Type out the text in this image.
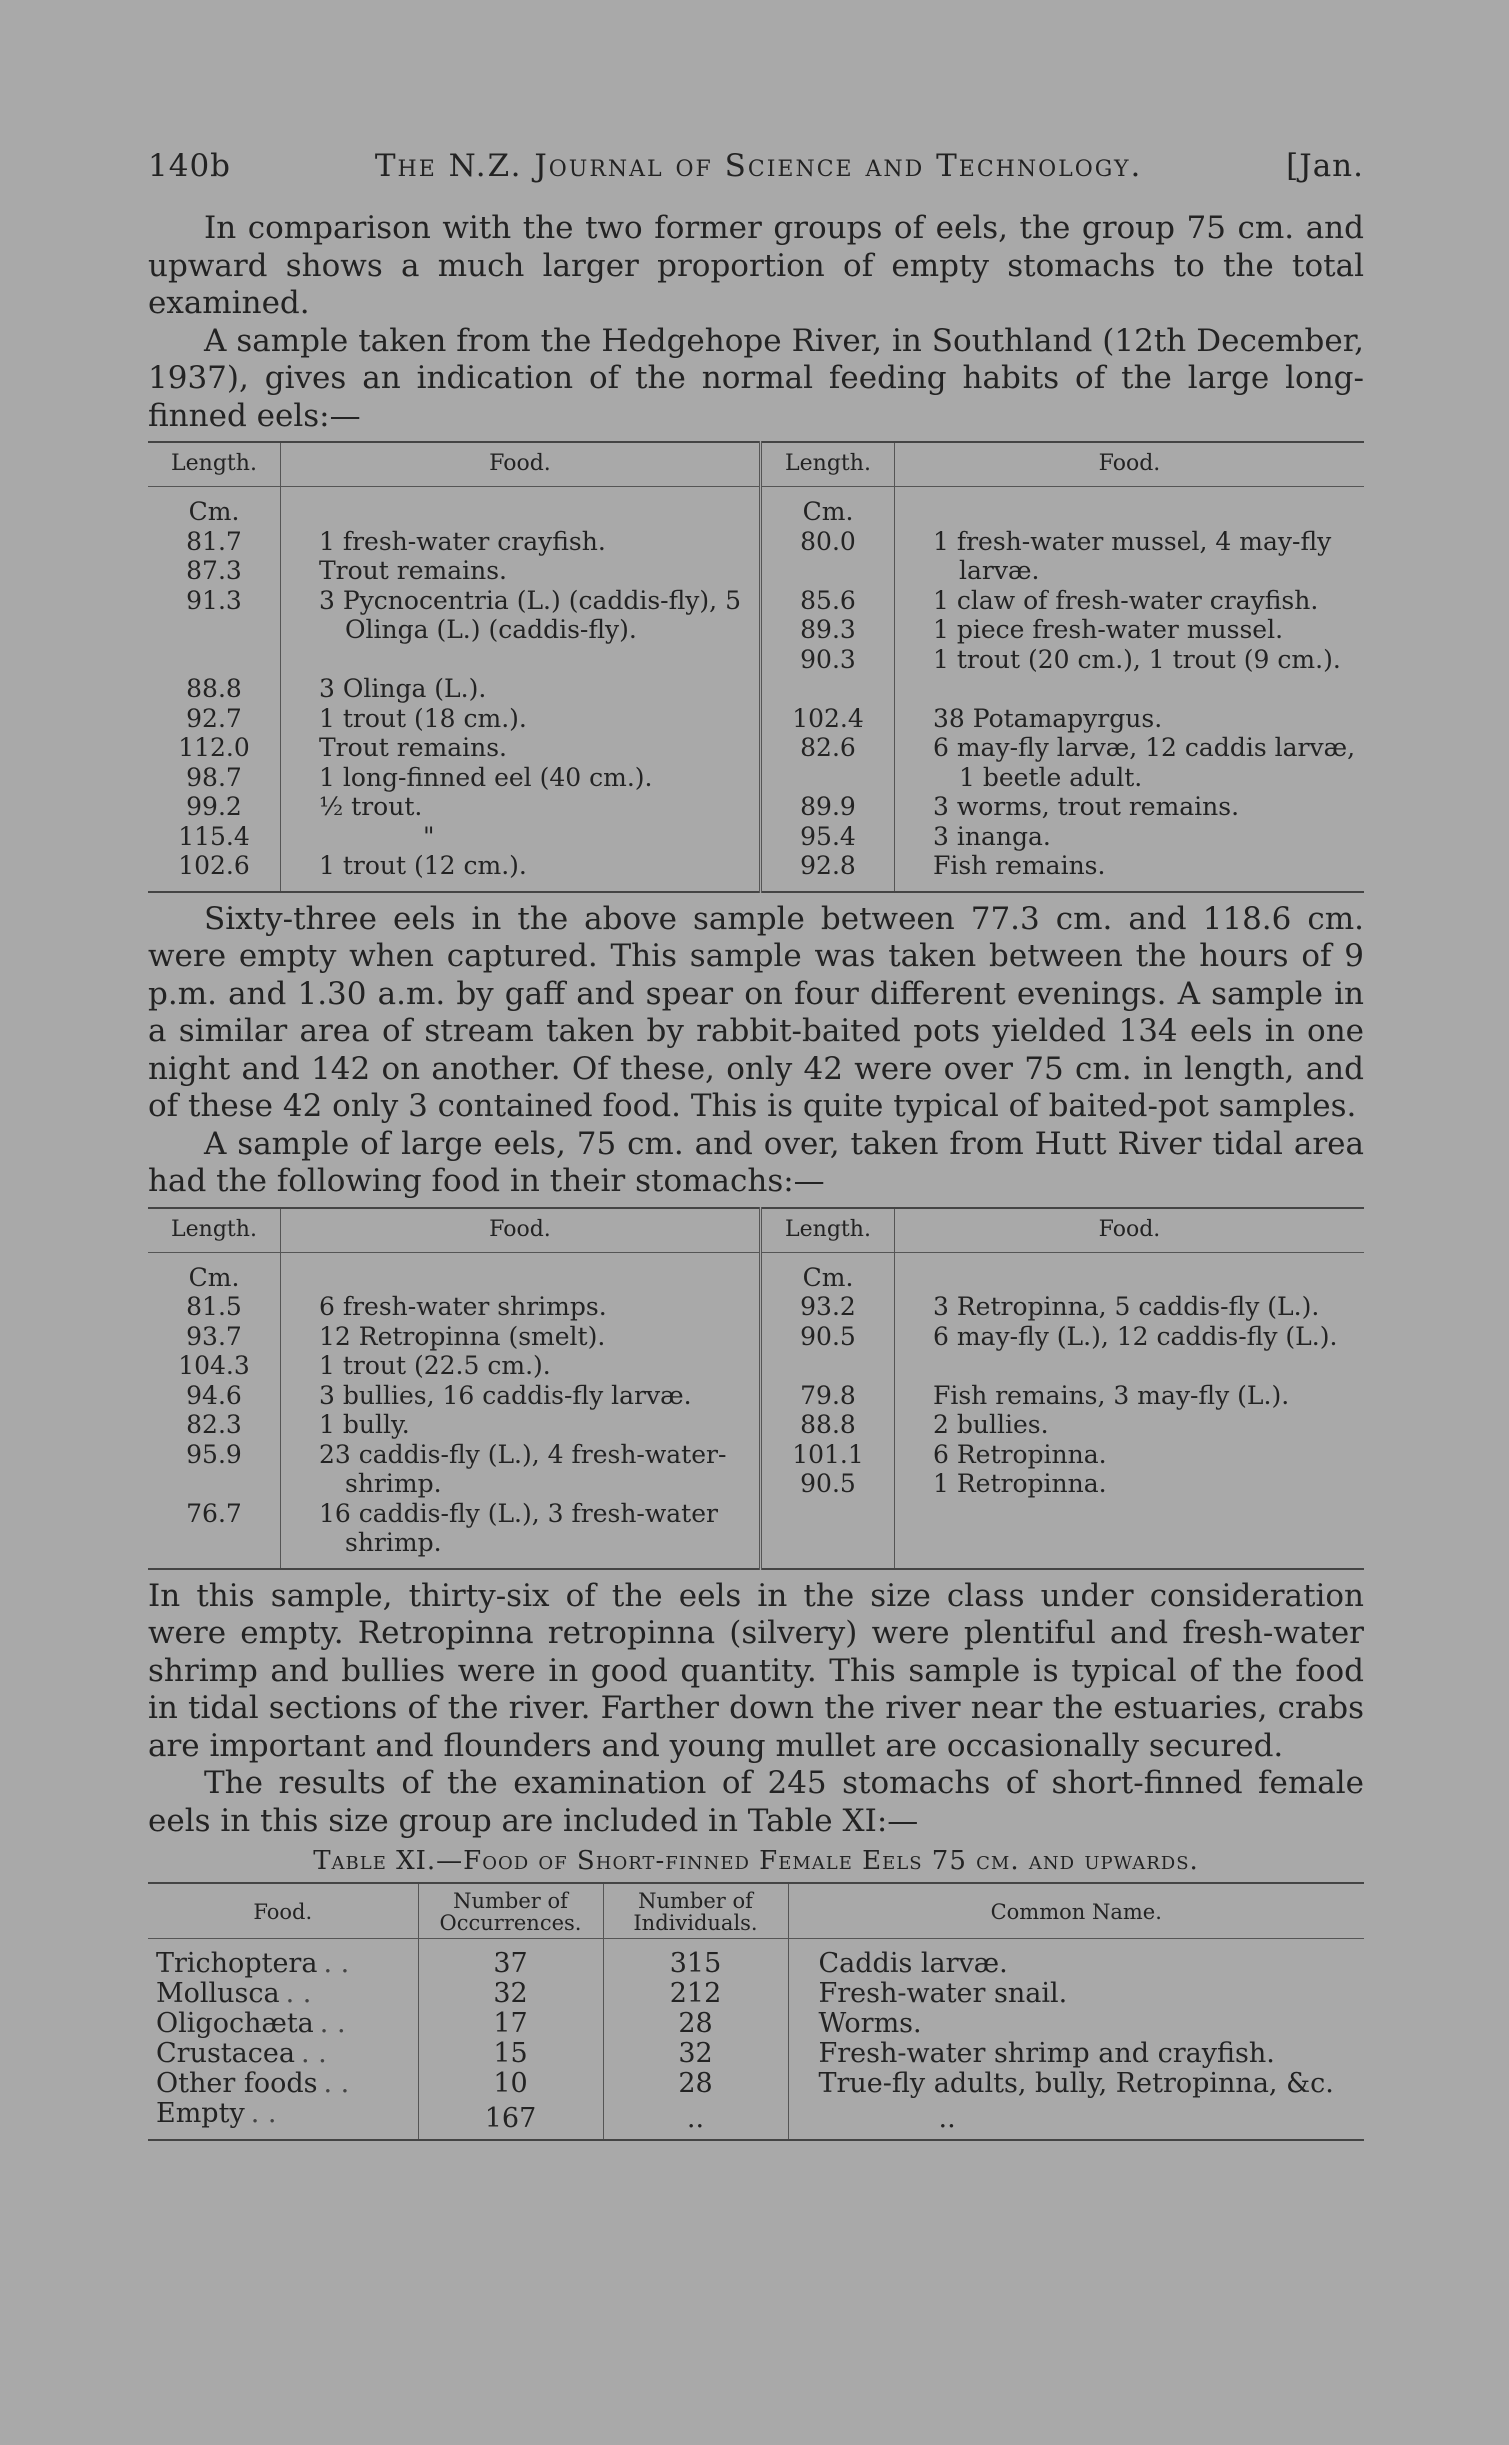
140b	The N.Z. Journal of Science and Technology.	[Jan.

In comparison with the two former groups of eels, the group 75 cm. and upward shows a much larger proportion of empty stomachs to the total examined.

A sample taken from the Hedgehope River, in Southland (12th December, 1937), gives an indication of the normal feeding habits of the large long-finned eels:—

Length.	Food.	Length.	Food.
Cm.		Cm.	
81.7	1 fresh-water crayfish.	80.0	1 fresh-water mussel, 4 may-fly larvæ.

87.3	Trout remains.		

91.3	3 Pycnocentria (L.) (caddis-fly), 5 Olinga (L.) (caddis-fly).	85.6	1 claw of fresh-water crayfish.

		89.3	1 piece fresh-water mussel.

		90.3	1 trout (20 cm.), 1 trout (9 cm.).

88.8	3 Olinga (L.).		

92.7	1 trout (18 cm.).	102.4	38 Potamapyrgus.

112.0	Trout remains.	82.6	6 may-fly larvæ, 12 caddis larvæ, 1 beetle adult.

98.7	1 long-finned eel (40 cm.).		

99.2	½ trout.	89.9	3 worms, trout remains.

115.4	"	95.4	3 inanga.

102.6	1 trout (12 cm.).	92.8	Fish remains.

Sixty-three eels in the above sample between 77.3 cm. and 118.6 cm. were empty when captured. This sample was taken between the hours of 9 p.m. and 1.30 a.m. by gaff and spear on four different evenings. A sample in a similar area of stream taken by rabbit-baited pots yielded 134 eels in one night and 142 on another. Of these, only 42 were over 75 cm. in length, and of these 42 only 3 contained food. This is quite typical of baited-pot samples.

A sample of large eels, 75 cm. and over, taken from Hutt River tidal area had the following food in their stomachs:—

Length.	Food.	Length.	Food.
Cm.		Cm.	
81.5	6 fresh-water shrimps.	93.2	3 Retropinna, 5 caddis-fly (L.).

93.7	12 Retropinna (smelt).	90.5	6 may-fly (L.), 12 caddis-fly (L.).

104.3	1 trout (22.5 cm.).		

94.6	3 bullies, 16 caddis-fly larvæ.	79.8	Fish remains, 3 may-fly (L.).

82.3	1 bully.	88.8	2 bullies.

95.9	23 caddis-fly (L.), 4 fresh-water-shrimp.	101.1	6 Retropinna.

		90.5	1 Retropinna.

76.7	16 caddis-fly (L.), 3 fresh-water shrimp.		

In this sample, thirty-six of the eels in the size class under consideration were empty. Retropinna retropinna (silvery) were plentiful and fresh-water shrimp and bullies were in good quantity. This sample is typical of the food in tidal sections of the river. Farther down the river near the estuaries, crabs are important and flounders and young mullet are occasionally secured.

The results of the examination of 245 stomachs of short-finned female eels in this size group are included in Table XI:—

Table XI.—Food of Short-finned Female Eels 75 cm. and upwards.
Food.	Number of Occurrences.	Number of Individuals.	Common Name.

Trichoptera . .	37	315	Caddis larvæ.
Mollusca . .	32	212	Fresh-water snail.
Oligochæta . .	17	28	Worms.
Crustacea . .	15	32	Fresh-water shrimp and crayfish.
Other foods . .	10	28	True-fly adults, bully, Retropinna, &c.
Empty . .	167	..	..
